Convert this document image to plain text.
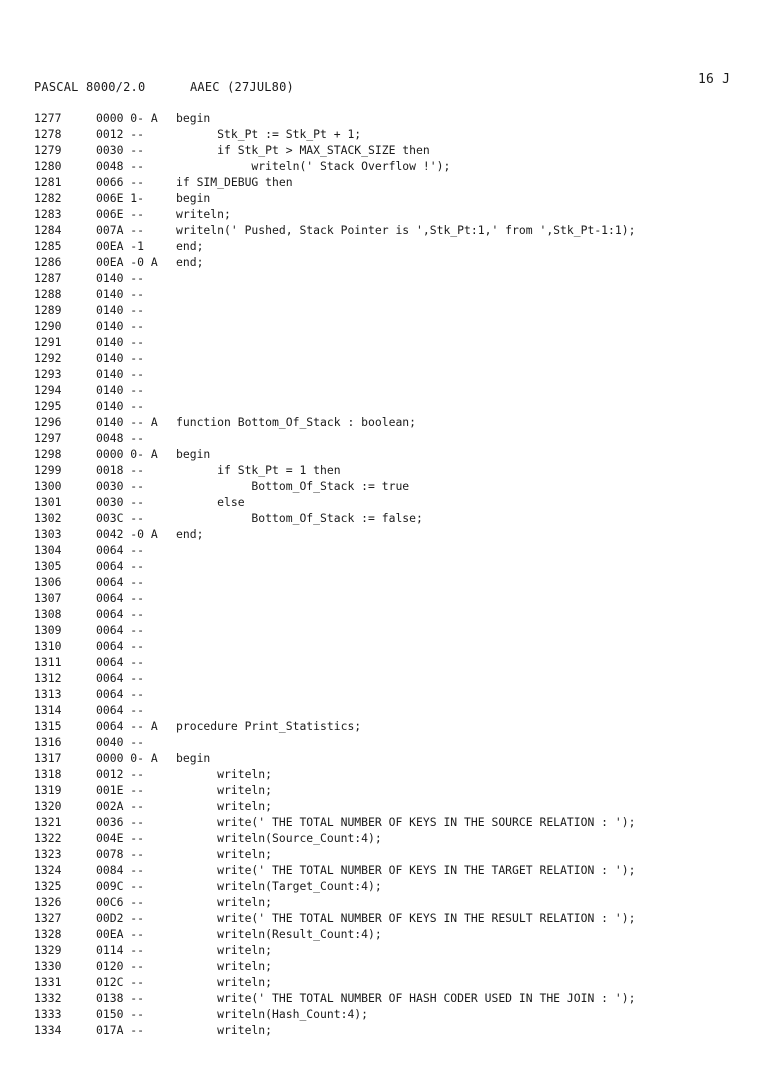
PASCAL 8000/2.0	AAEC (27JUL80)	16 J
1277	0000 0- A	begin
1278	0012 --	Stk_Pt := Stk_Pt + 1;
1279	0030 --	if Stk_Pt > MAX_STACK_SIZE then
1280	0048 --	writeln(' Stack Overflow !');
1281	0066 --	if SIM_DEBUG then
1282	006E 1-	begin
1283	006E --	writeln;
1284	007A --	writeln(' Pushed, Stack Pointer is ',Stk_Pt:1,' from ',Stk_Pt-1:1);
1285	00EA -1	end;
1286	00EA -0 A	end;
1287	0140 --
1288	0140 --
1289	0140 --
1290	0140 --
1291	0140 --
1292	0140 --
1293	0140 --
1294	0140 --
1295	0140 --
1296	0140 -- A	function Bottom_Of_Stack : boolean;
1297	0048 --
1298	0000 0- A	begin
1299	0018 --	if Stk_Pt = 1 then
1300	0030 --	Bottom_Of_Stack := true
1301	0030 --	else
1302	003C --	Bottom_Of_Stack := false;
1303	0042 -0 A	end;
1304	0064 --
1305	0064 --
1306	0064 --
1307	0064 --
1308	0064 --
1309	0064 --
1310	0064 --
1311	0064 --
1312	0064 --
1313	0064 --
1314	0064 --
1315	0064 -- A	procedure Print_Statistics;
1316	0040 --
1317	0000 0- A	begin
1318	0012 --	writeln;
1319	001E --	writeln;
1320	002A --	writeln;
1321	0036 --	write(' THE TOTAL NUMBER OF KEYS IN THE SOURCE RELATION : ');
1322	004E --	writeln(Source_Count:4);
1323	0078 --	writeln;
1324	0084 --	write(' THE TOTAL NUMBER OF KEYS IN THE TARGET RELATION : ');
1325	009C --	writeln(Target_Count:4);
1326	00C6 --	writeln;
1327	00D2 --	write(' THE TOTAL NUMBER OF KEYS IN THE RESULT RELATION : ');
1328	00EA --	writeln(Result_Count:4);
1329	0114 --	writeln;
1330	0120 --	writeln;
1331	012C --	writeln;
1332	0138 --	write(' THE TOTAL NUMBER OF HASH CODER USED IN THE JOIN : ');
1333	0150 --	writeln(Hash_Count:4);
1334	017A --	writeln;
